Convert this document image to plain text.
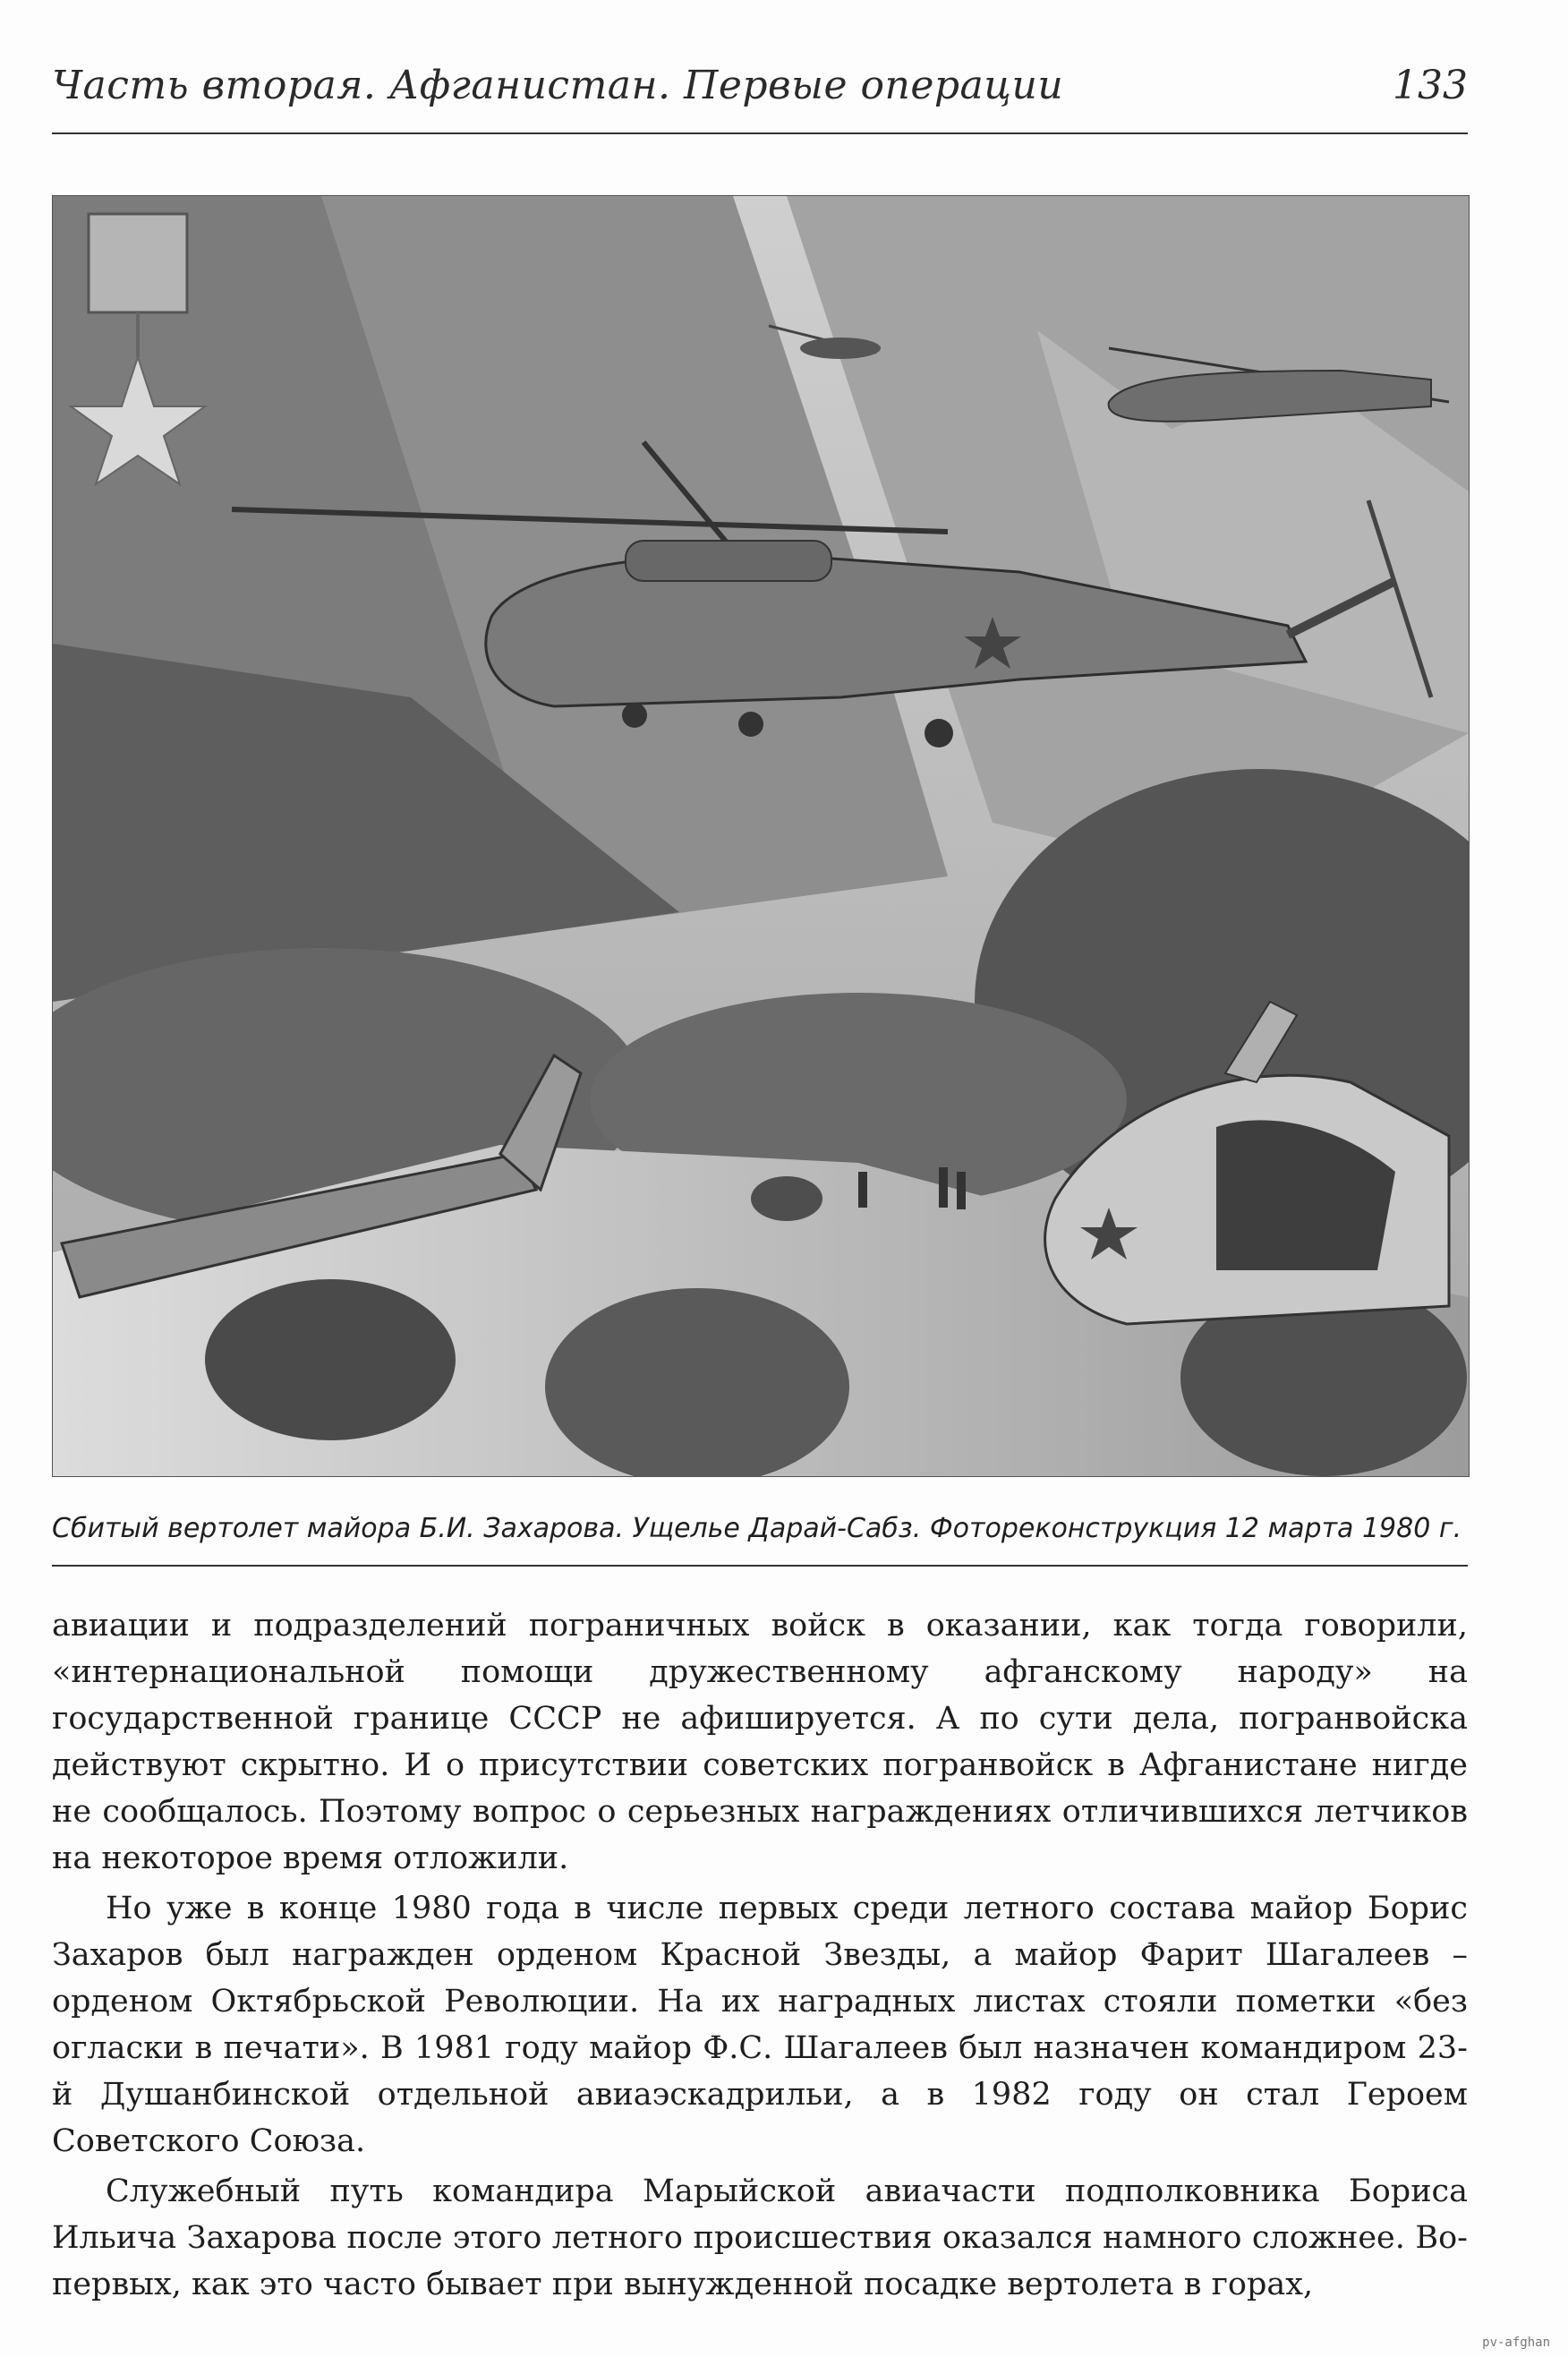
Часть вторая. Афганистан. Первые операции	133
Сбитый вертолет майора Б.И. Захарова. Ущелье Дарай-Сабз. Фотореконструкция 12 марта 1980 г.

авиации и подразделений пограничных войск в оказании, как тогда говорили, «интернациональной помощи дружественному афганскому народу» на государственной границе СССР не афишируется. А по сути дела, погранвойска действуют скрытно. И о присутствии советских погранвойск в Афганистане нигде не сообщалось. Поэтому вопрос о серьезных награждениях отличившихся летчиков на некоторое время отложили.

Но уже в конце 1980 года в числе первых среди летного состава майор Борис Захаров был награжден орденом Красной Звезды, а майор Фарит Шагалеев – орденом Октябрьской Революции. На их наградных листах стояли пометки «без огласки в печати». В 1981 году майор Ф.С. Шагалеев был назначен командиром 23-й Душанбинской отдельной авиаэскадрильи, а в 1982 году он стал Героем Советского Союза.

Служебный путь командира Марыйской авиачасти подполковника Бориса Ильича Захарова после этого летного происшествия оказался намного сложнее. Во-первых, как это часто бывает при вынужденной посадке вертолета в горах,

pv-afghan
